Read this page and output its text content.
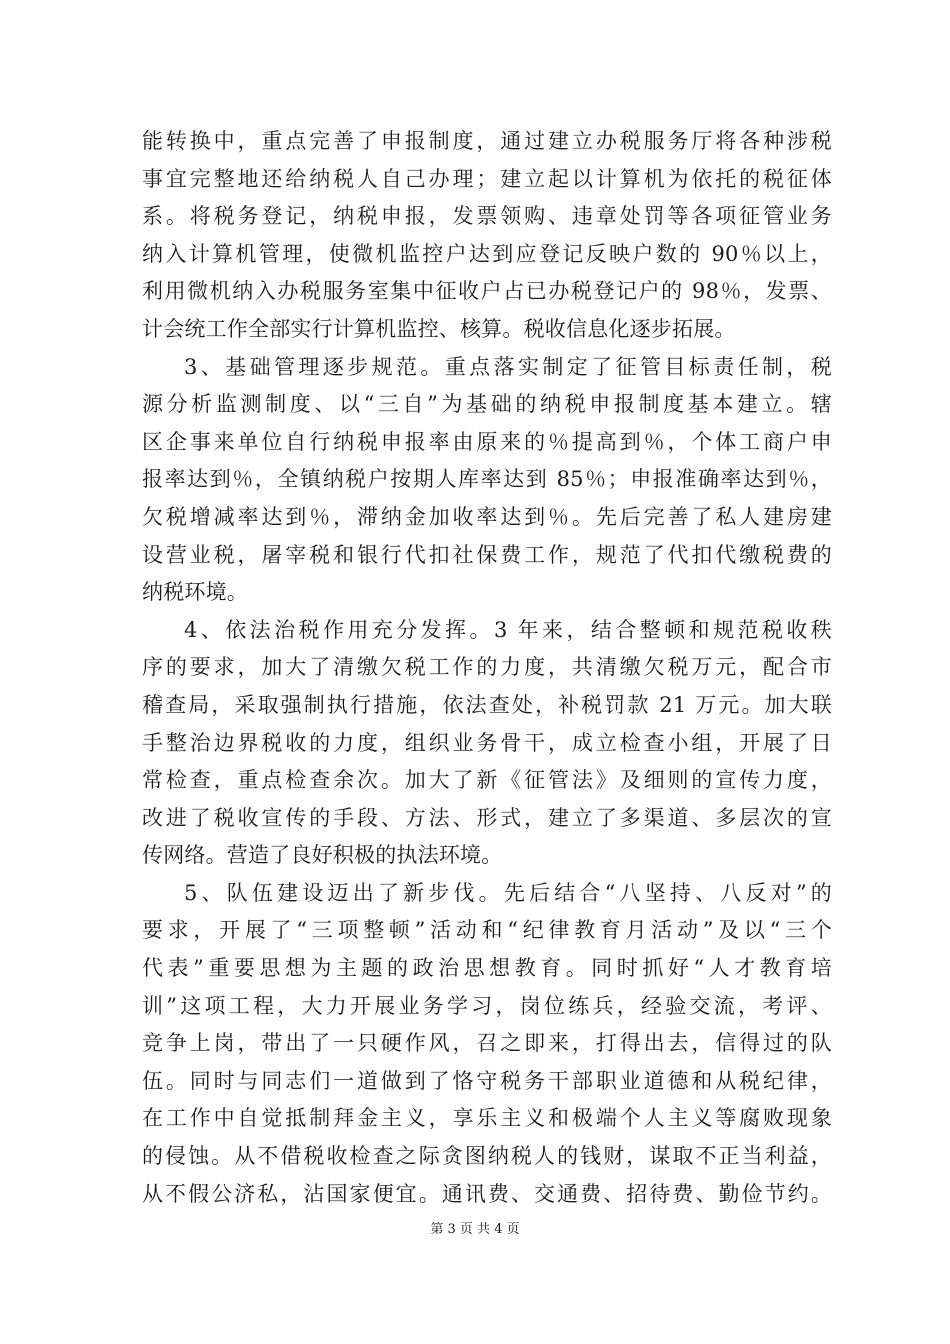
能转换中，重点完善了申报制度，通过建立办税服务厅将各种涉税
事宜完整地还给纳税人自己办理；建立起以计算机为依托的税征体
系。将税务登记，纳税申报，发票领购、违章处罚等各项征管业务
纳入计算机管理，使微机监控户达到应登记反映户数的 90％以上，
利用微机纳入办税服务室集中征收户占已办税登记户的 98％，发票、
计会统工作全部实行计算机监控、核算。税收信息化逐步拓展。
3、基础管理逐步规范。重点落实制定了征管目标责任制，税
源分析监测制度、以“三自”为基础的纳税申报制度基本建立。辖
区企事来单位自行纳税申报率由原来的％提高到％，个体工商户申
报率达到％，全镇纳税户按期人库率达到 85％；申报准确率达到％，
欠税增减率达到％，滞纳金加收率达到％。先后完善了私人建房建
设营业税，屠宰税和银行代扣社保费工作，规范了代扣代缴税费的
纳税环境。
4、依法治税作用充分发挥。3 年来，结合整顿和规范税收秩
序的要求，加大了清缴欠税工作的力度，共清缴欠税万元，配合市
稽查局，采取强制执行措施，依法查处，补税罚款 21 万元。加大联
手整治边界税收的力度，组织业务骨干，成立检查小组，开展了日
常检查，重点检查余次。加大了新《征管法》及细则的宣传力度，
改进了税收宣传的手段、方法、形式，建立了多渠道、多层次的宣
传网络。营造了良好积极的执法环境。
5、队伍建设迈出了新步伐。先后结合“八坚持、八反对”的
要求，开展了“三项整顿”活动和“纪律教育月活动”及以“三个
代表”重要思想为主题的政治思想教育。同时抓好“人才教育培
训”这项工程，大力开展业务学习，岗位练兵，经验交流，考评、
竞争上岗，带出了一只硬作风，召之即来，打得出去，信得过的队
伍。同时与同志们一道做到了恪守税务干部职业道德和从税纪律，
在工作中自觉抵制拜金主义，享乐主义和极端个人主义等腐败现象
的侵蚀。从不借税收检查之际贪图纳税人的钱财，谋取不正当利益，
从不假公济私，沾国家便宜。通讯费、交通费、招待费、勤俭节约。
第 3 页 共 4 页
